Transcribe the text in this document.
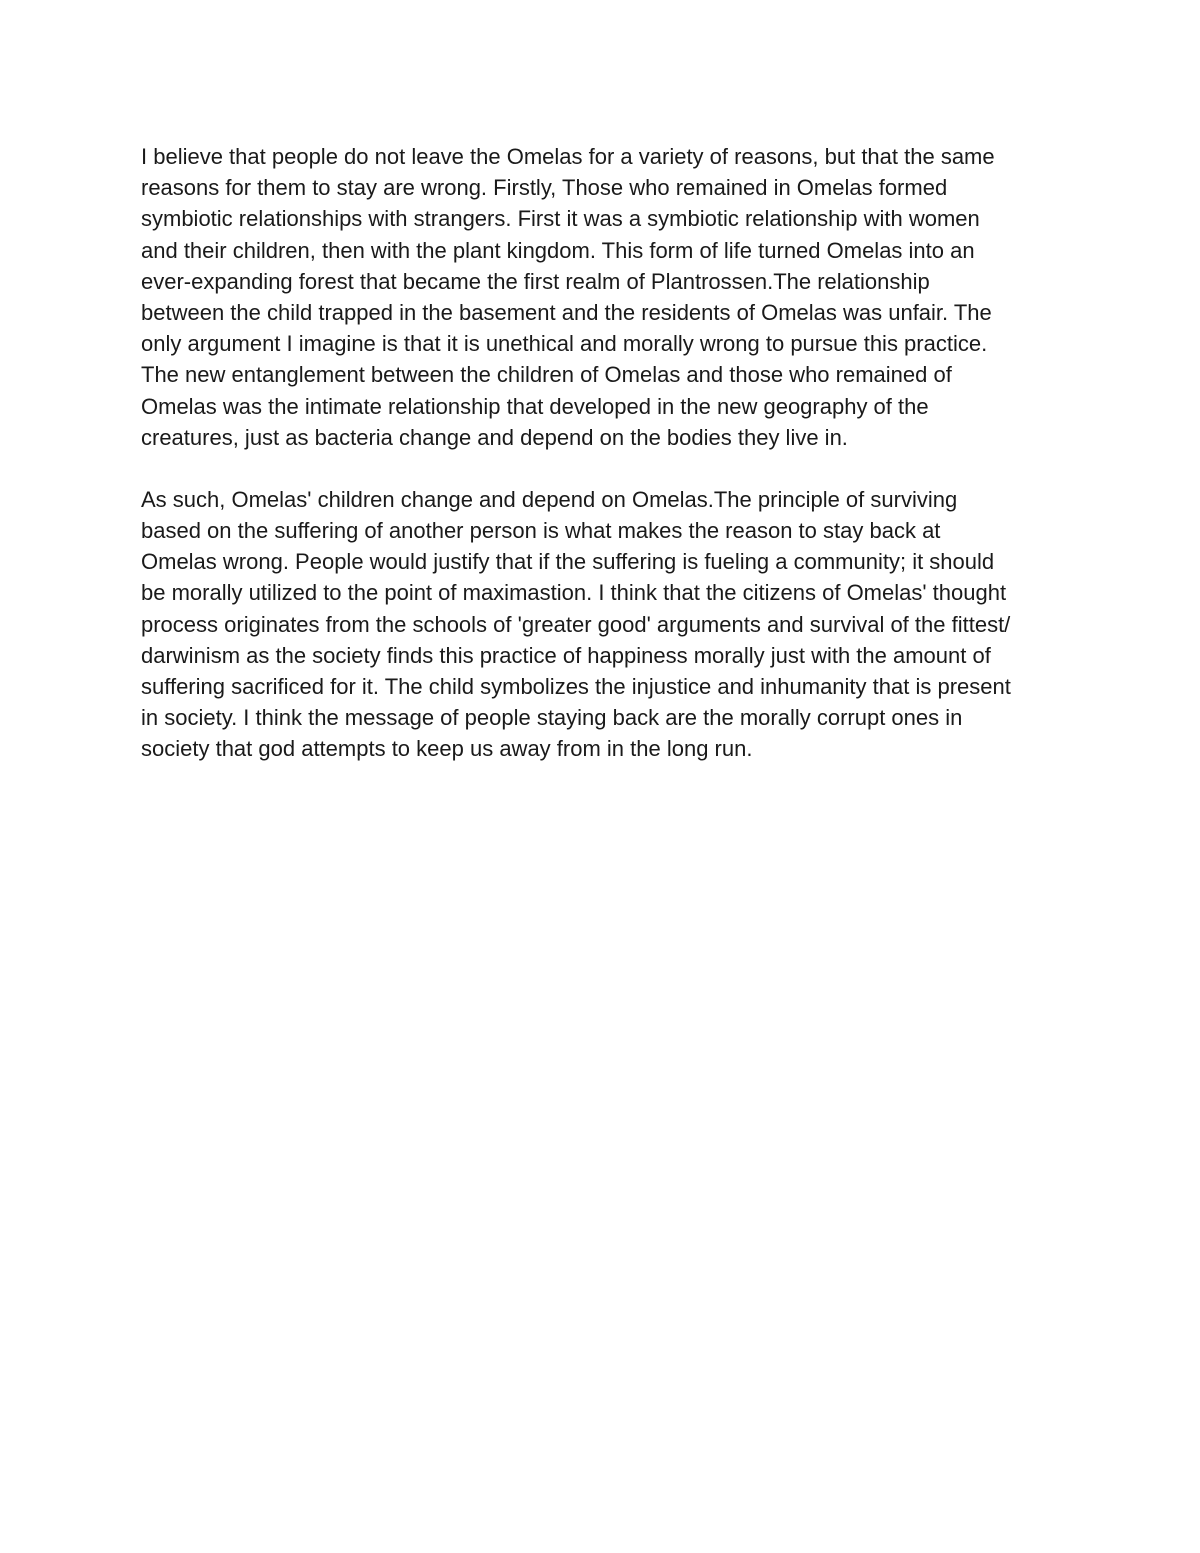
I believe that people do not leave the Omelas for a variety of reasons, but that the same
reasons for them to stay are wrong. Firstly, Those who remained in Omelas formed
symbiotic relationships with strangers. First it was a symbiotic relationship with women
and their children, then with the plant kingdom. This form of life turned Omelas into an
ever-expanding forest that became the first realm of Plantrossen.The relationship
between the child trapped in the basement and the residents of Omelas was unfair. The
only argument I imagine is that it is unethical and morally wrong to pursue this practice.
The new entanglement between the children of Omelas and those who remained of
Omelas was the intimate relationship that developed in the new geography of the
creatures, just as bacteria change and depend on the bodies they live in.

As such, Omelas' children change and depend on Omelas.The principle of surviving
based on the suffering of another person is what makes the reason to stay back at
Omelas wrong. People would justify that if the suffering is fueling a community; it should
be morally utilized to the point of maximastion. I think that the citizens of Omelas' thought
process originates from the schools of 'greater good' arguments and survival of the fittest/
darwinism as the society finds this practice of happiness morally just with the amount of
suffering sacrificed for it. The child symbolizes the injustice and inhumanity that is present
in society. I think the message of people staying back are the morally corrupt ones in
society that god attempts to keep us away from in the long run.
